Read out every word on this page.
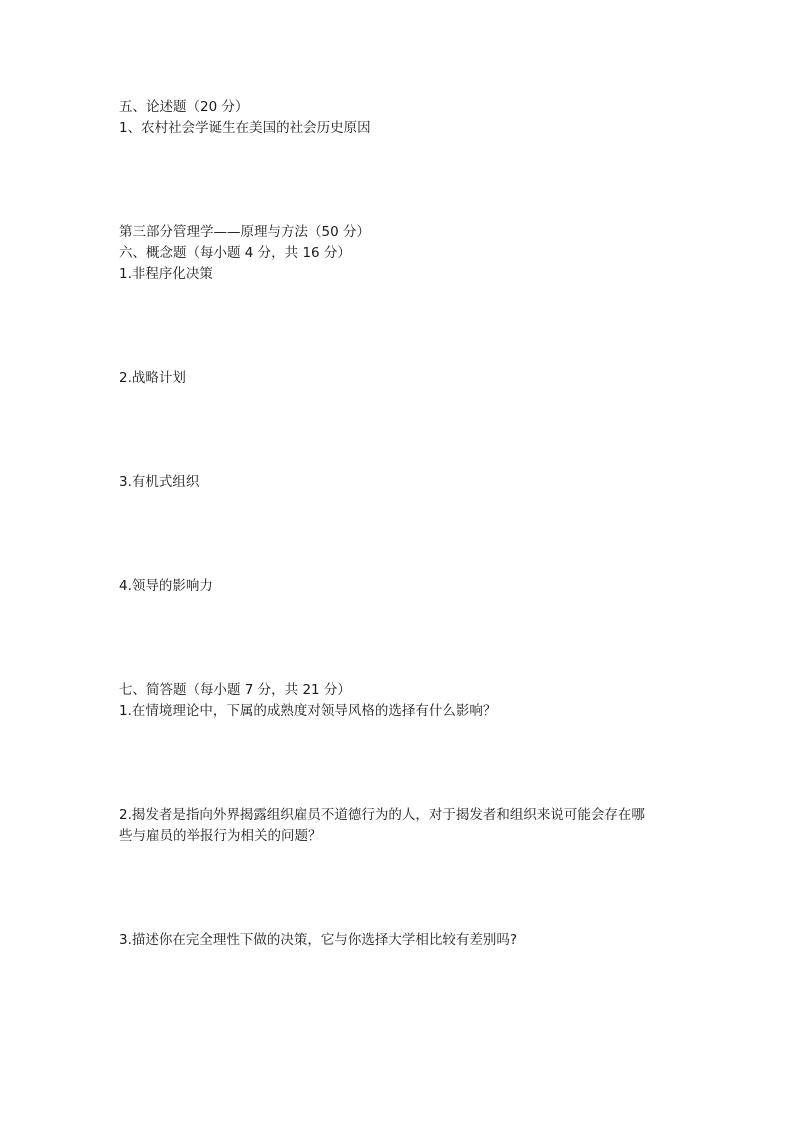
五、论述题（20 分）
1、农村社会学诞生在美国的社会历史原因
第三部分管理学——原理与方法（50 分）
六、概念题（每小题 4 分，共 16 分）
1.非程序化决策
2.战略计划
3.有机式组织
4.领导的影响力
七、简答题（每小题 7 分，共 21 分）
1.在情境理论中，下属的成熟度对领导风格的选择有什么影响？
2.揭发者是指向外界揭露组织雇员不道德行为的人，对于揭发者和组织来说可能会存在哪
些与雇员的举报行为相关的问题？
3.描述你在完全理性下做的决策，它与你选择大学相比较有差别吗?
